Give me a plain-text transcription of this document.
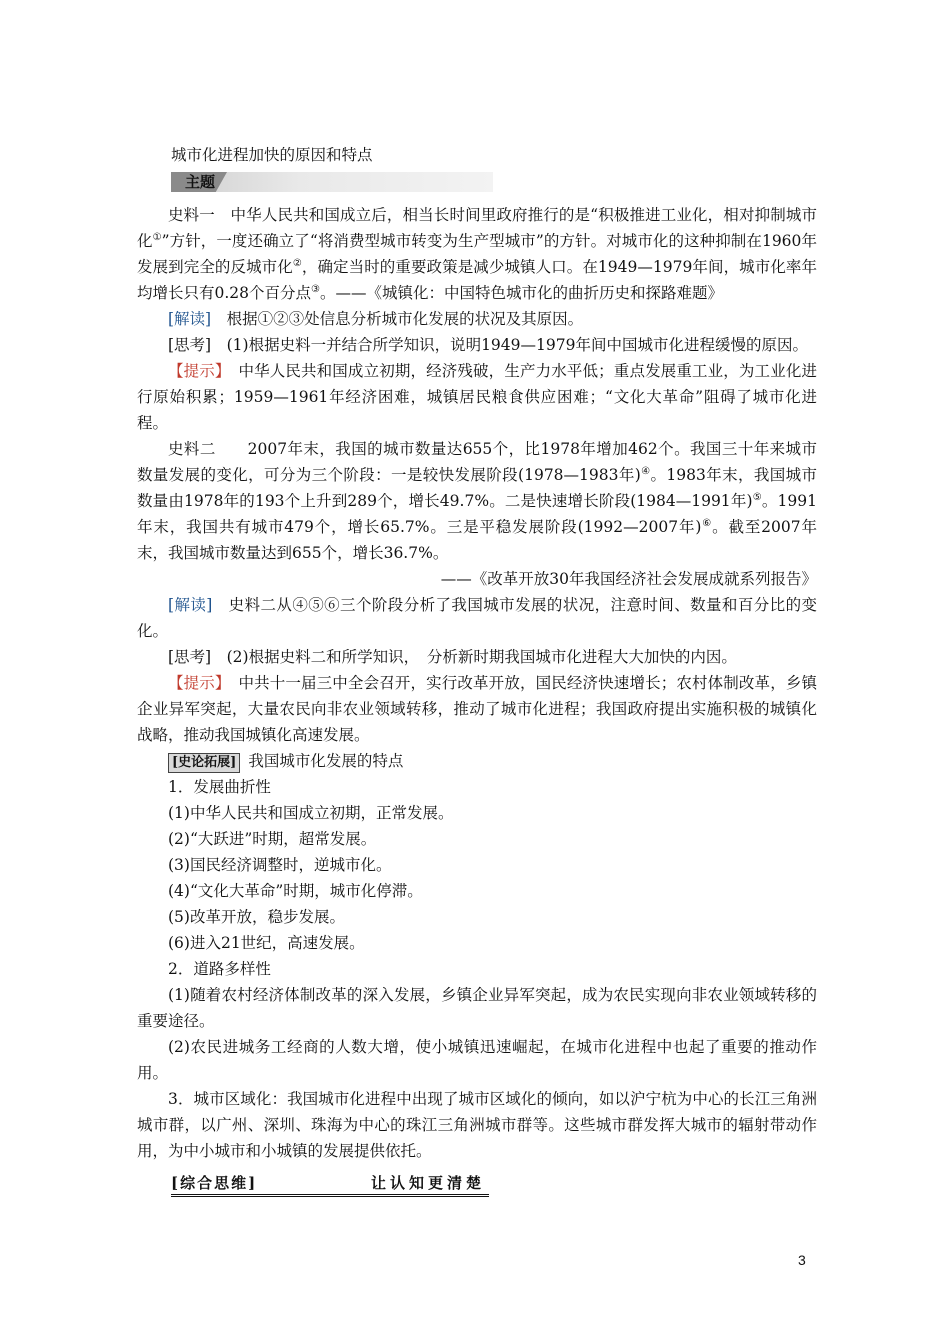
城市化进程加快的原因和特点

主题

史料一　中华人民共和国成立后，相当长时间里政府推行的是“积极推进工业化，相对抑制城市化①”方针，一度还确立了“将消费型城市转变为生产型城市”的方针。对城市化的这种抑制在1960年发展到完全的反城市化②，确定当时的重要政策是减少城镇人口。在1949—1979年间，城市化率年均增长只有0.28个百分点③。——《城镇化：中国特色城市化的曲折历史和探路难题》

[解读]　根据①②③处信息分析城市化发展的状况及其原因。

[思考]　(1)根据史料一并结合所学知识，说明1949—1979年间中国城市化进程缓慢的原因。

【提示】　中华人民共和国成立初期，经济残破，生产力水平低；重点发展重工业，为工业化进行原始积累；1959—1961年经济困难，城镇居民粮食供应困难；“文化大革命”阻碍了城市化进程。

史料二　　2007年末，我国的城市数量达655个，比1978年增加462个。我国三十年来城市数量发展的变化，可分为三个阶段：一是较快发展阶段(1978—1983年)④。1983年末，我国城市数量由1978年的193个上升到289个，增长49.7%。二是快速增长阶段(1984—1991年)⑤。1991年末，我国共有城市479个，增长65.7%。三是平稳发展阶段(1992—2007年)⑥。截至2007年末，我国城市数量达到655个，增长36.7%。

——《改革开放30年我国经济社会发展成就系列报告》

[解读]　史料二从④⑤⑥三个阶段分析了我国城市发展的状况，注意时间、数量和百分比的变化。

[思考]　(2)根据史料二和所学知识，　分析新时期我国城市化进程大大加快的内因。

【提示】　中共十一届三中全会召开，实行改革开放，国民经济快速增长；农村体制改革，乡镇企业异军突起，大量农民向非农业领域转移，推动了城市化进程；我国政府提出实施积极的城镇化战略，推动我国城镇化高速发展。

[史论拓展] 我国城市化发展的特点

1．发展曲折性

(1)中华人民共和国成立初期，正常发展。

(2)“大跃进”时期，超常发展。

(3)国民经济调整时，逆城市化。

(4)“文化大革命”时期，城市化停滞。

(5)改革开放，稳步发展。

(6)进入21世纪，高速发展。

2．道路多样性

(1)随着农村经济体制改革的深入发展，乡镇企业异军突起，成为农民实现向非农业领域转移的重要途径。

(2)农民进城务工经商的人数大增，使小城镇迅速崛起，在城市化进程中也起了重要的推动作用。

3．城市区域化：我国城市化进程中出现了城市区域化的倾向，如以沪宁杭为中心的长江三角洲城市群，以广州、深圳、珠海为中心的珠江三角洲城市群等。这些城市群发挥大城市的辐射带动作用，为中小城市和小城镇的发展提供依托。

[综合思维]	让认知更清楚
3
